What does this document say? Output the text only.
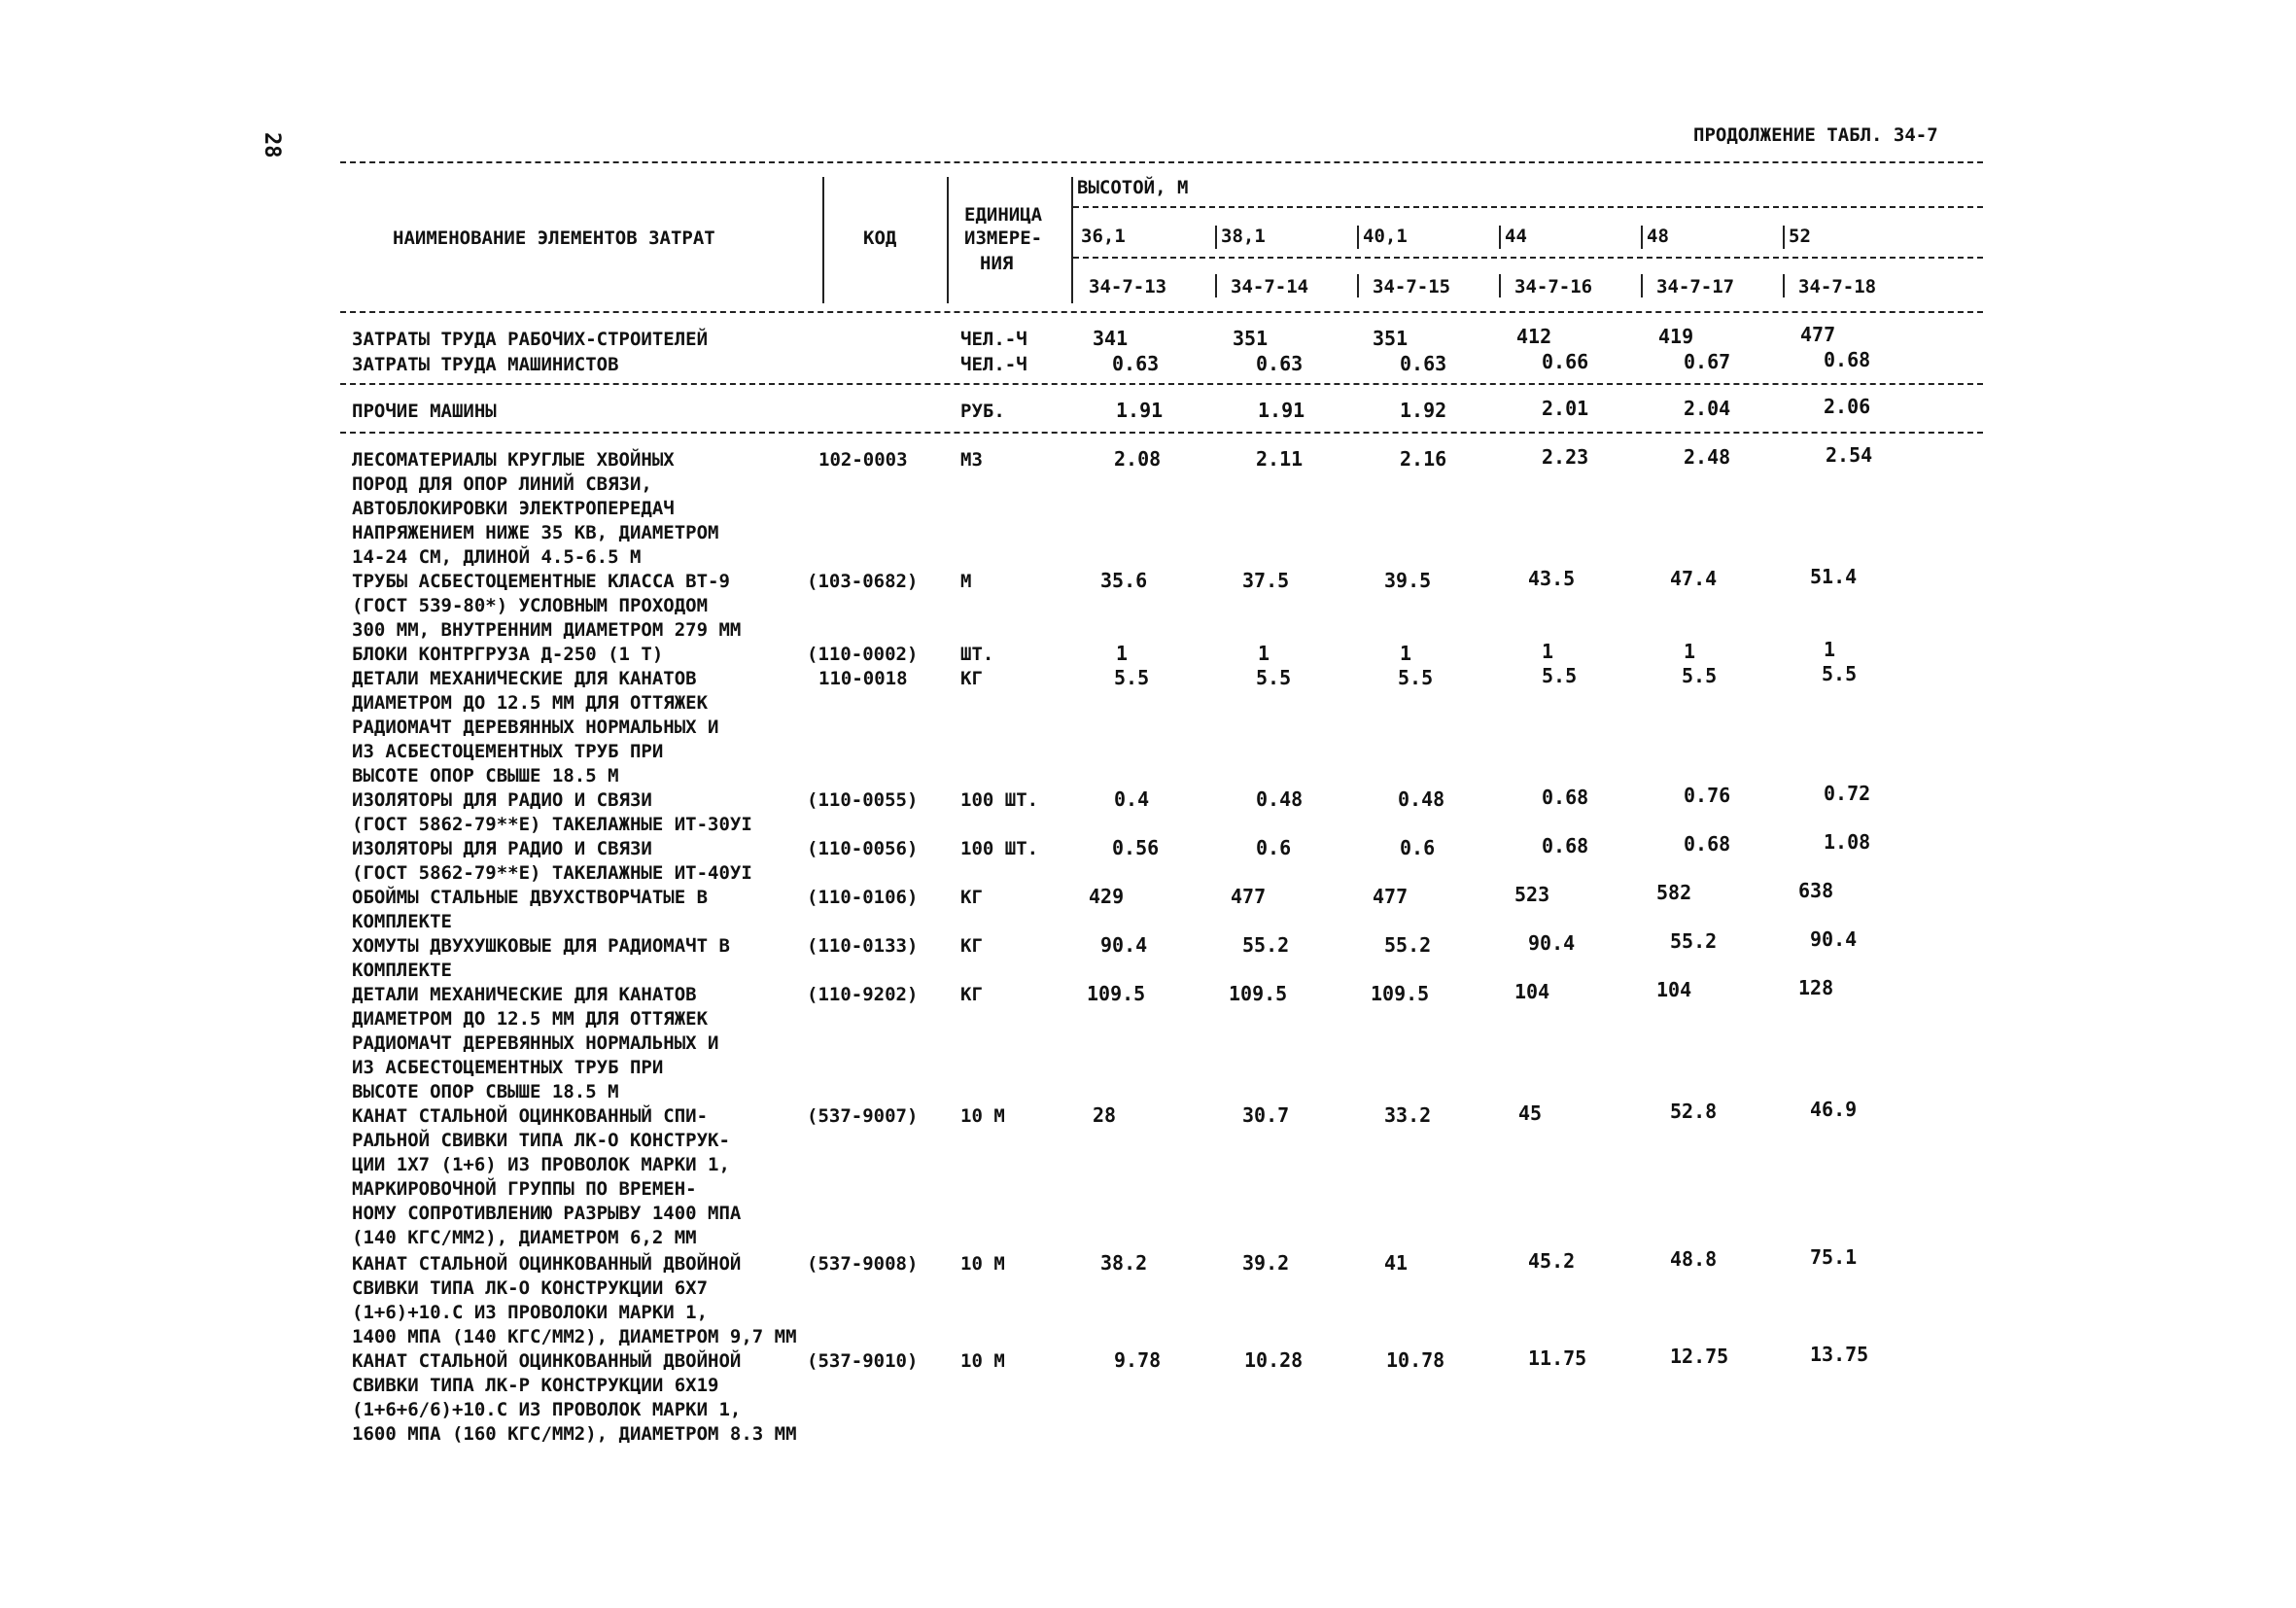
28	ПРОДОЛЖЕНИЕ ТАБЛ. 34-7
НАИМЕНОВАНИЕ ЭЛЕМЕНТОВ ЗАТРАТ	КОД
ЕДИНИЦА
ИЗМЕРЕ-
НИЯ
ВЫСОТОЙ, М
36,1	38,1	40,1	44	48	52
34-7-13	34-7-14	34-7-15	34-7-16	34-7-17	34-7-18
ЗАТРАТЫ ТРУДА РАБОЧИХ-СТРОИТЕЛЕЙ	ЧЕЛ.-Ч	341	351	351	412	419	477
ЗАТРАТЫ ТРУДА МАШИНИСТОВ	ЧЕЛ.-Ч	0.63	0.63	0.63	0.66	0.67	0.68
ПРОЧИЕ МАШИНЫ	РУБ.	1.91	1.91	1.92	2.01	2.04	2.06
ЛЕСОМАТЕРИАЛЫ КРУГЛЫЕ ХВОЙНЫХ
ПОРОД ДЛЯ ОПОР ЛИНИЙ СВЯЗИ,
АВТОБЛОКИРОВКИ ЭЛЕКТРОПЕРЕДАЧ
НАПРЯЖЕНИЕМ НИЖЕ 35 КВ, ДИАМЕТРОМ
14-24 СМ, ДЛИНОЙ 4.5-6.5 М
102-0003	М3	2.08	2.11	2.16	2.23	2.48	2.54
ТРУБЫ АСБЕСТОЦЕМЕНТНЫЕ КЛАССА ВТ-9
(ГОСТ 539-80*) УСЛОВНЫМ ПРОХОДОМ
300 ММ, ВНУТРЕННИМ ДИАМЕТРОМ 279 ММ
(103-0682) М	35.6	37.5	39.5	43.5	47.4	51.4
БЛОКИ КОНТРГРУЗА Д-250 (1 Т)	(110-0002) ШТ.	1	1	1	1	1	1
ДЕТАЛИ МЕХАНИЧЕСКИЕ ДЛЯ КАНАТОВ
ДИАМЕТРОМ ДО 12.5 ММ ДЛЯ ОТТЯЖЕК
РАДИОМАЧТ ДЕРЕВЯННЫХ НОРМАЛЬНЫХ И
ИЗ АСБЕСТОЦЕМЕНТНЫХ ТРУБ ПРИ
ВЫСОТЕ ОПОР СВЫШЕ 18.5 М
110-0018	КГ	5.5	5.5	5.5	5.5	5.5	5.5
ИЗОЛЯТОРЫ ДЛЯ РАДИО И СВЯЗИ
(ГОСТ 5862-79**Е) ТАКЕЛАЖНЫЕ ИТ-30УI
(110-0055) 100 ШТ.	0.4	0.48	0.48	0.68	0.76	0.72
ИЗОЛЯТОРЫ ДЛЯ РАДИО И СВЯЗИ
(ГОСТ 5862-79**Е) ТАКЕЛАЖНЫЕ ИТ-40УI
(110-0056) 100 ШТ.	0.56	0.6	0.6	0.68	0.68	1.08
ОБОЙМЫ СТАЛЬНЫЕ ДВУХСТВОРЧАТЫЕ В
КОМПЛЕКТЕ
(110-0106) КГ	429	477	477	523	582	638
ХОМУТЫ ДВУХУШКОВЫЕ ДЛЯ РАДИОМАЧТ В
КОМПЛЕКТЕ
(110-0133) КГ	90.4	55.2	55.2	90.4	55.2	90.4
ДЕТАЛИ МЕХАНИЧЕСКИЕ ДЛЯ КАНАТОВ
ДИАМЕТРОМ ДО 12.5 ММ ДЛЯ ОТТЯЖЕК
РАДИОМАЧТ ДЕРЕВЯННЫХ НОРМАЛЬНЫХ И
ИЗ АСБЕСТОЦЕМЕНТНЫХ ТРУБ ПРИ
ВЫСОТЕ ОПОР СВЫШЕ 18.5 М
(110-9202) КГ	109.5	109.5	109.5	104	104	128
КАНАТ СТАЛЬНОЙ ОЦИНКОВАННЫЙ СПИ-
РАЛЬНОЙ СВИВКИ ТИПА ЛК-О КОНСТРУК-
ЦИИ 1Х7 (1+6) ИЗ ПРОВОЛОК МАРКИ 1,
МАРКИРОВОЧНОЙ ГРУППЫ ПО ВРЕМЕН-
НОМУ СОПРОТИВЛЕНИЮ РАЗРЫВУ 1400 МПА
(140 КГС/ММ2), ДИАМЕТРОМ 6,2 ММ
(537-9007) 10 М	28	30.7	33.2	45	52.8	46.9
КАНАТ СТАЛЬНОЙ ОЦИНКОВАННЫЙ ДВОЙНОЙ
СВИВКИ ТИПА ЛК-О КОНСТРУКЦИИ 6Х7
(1+6)+10.С ИЗ ПРОВОЛОКИ МАРКИ 1,
1400 МПА (140 КГС/ММ2), ДИАМЕТРОМ 9,7 ММ
(537-9008) 10 М	38.2	39.2	41	45.2	48.8	75.1
КАНАТ СТАЛЬНОЙ ОЦИНКОВАННЫЙ ДВОЙНОЙ
СВИВКИ ТИПА ЛК-Р КОНСТРУКЦИИ 6Х19
(1+6+6/6)+10.С ИЗ ПРОВОЛОК МАРКИ 1,
1600 МПА (160 КГС/ММ2), ДИАМЕТРОМ 8.3 ММ
(537-9010) 10 М	9.78	10.28	10.78	11.75	12.75	13.75
